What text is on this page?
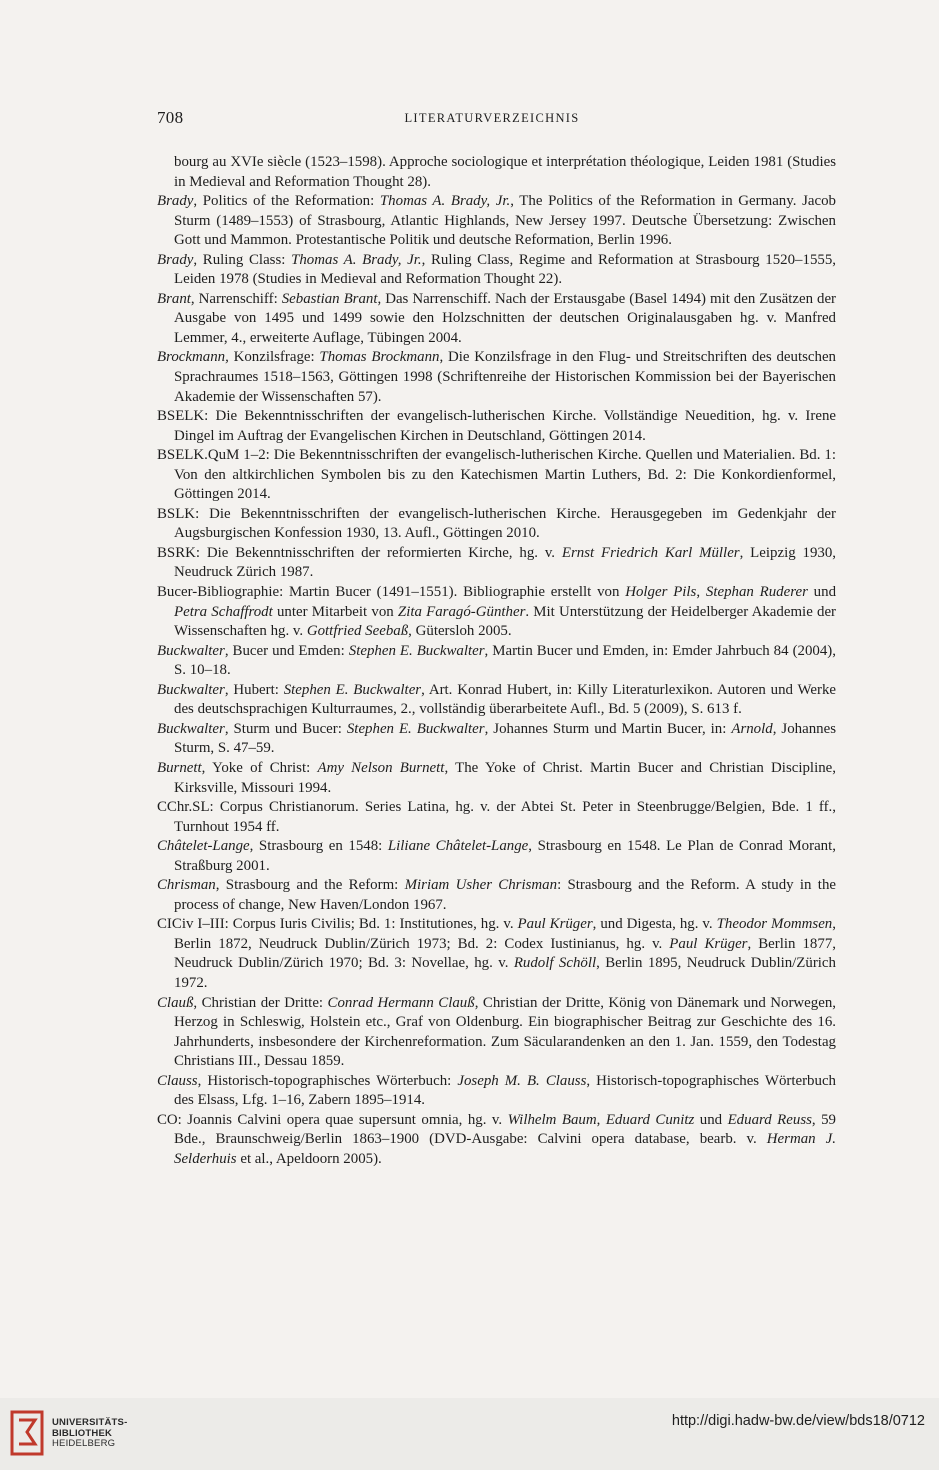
708	LITERATURVERZEICHNIS

bourg au XVIe siècle (1523–1598). Approche sociologique et interprétation théologique, Leiden 1981 (Studies in Medieval and Reformation Thought 28).

Brady, Politics of the Reformation: Thomas A. Brady, Jr., The Politics of the Reformation in Germany. Jacob Sturm (1489–1553) of Strasbourg, Atlantic Highlands, New Jersey 1997. Deutsche Übersetzung: Zwischen Gott und Mammon. Protestantische Politik und deutsche Reformation, Berlin 1996.

Brady, Ruling Class: Thomas A. Brady, Jr., Ruling Class, Regime and Reformation at Strasbourg 1520–1555, Leiden 1978 (Studies in Medieval and Reformation Thought 22).

Brant, Narrenschiff: Sebastian Brant, Das Narrenschiff. Nach der Erstausgabe (Basel 1494) mit den Zusätzen der Ausgabe von 1495 und 1499 sowie den Holzschnitten der deutschen Originalausgaben hg. v. Manfred Lemmer, 4., erweiterte Auflage, Tübingen 2004.

Brockmann, Konzilsfrage: Thomas Brockmann, Die Konzilsfrage in den Flug- und Streitschriften des deutschen Sprachraumes 1518–1563, Göttingen 1998 (Schriftenreihe der Historischen Kommission bei der Bayerischen Akademie der Wissenschaften 57).

BSELK: Die Bekenntnisschriften der evangelisch-lutherischen Kirche. Vollständige Neuedition, hg. v. Irene Dingel im Auftrag der Evangelischen Kirchen in Deutschland, Göttingen 2014.

BSELK.QuM 1–2: Die Bekenntnisschriften der evangelisch-lutherischen Kirche. Quellen und Materialien. Bd. 1: Von den altkirchlichen Symbolen bis zu den Katechismen Martin Luthers, Bd. 2: Die Konkordienformel, Göttingen 2014.

BSLK: Die Bekenntnisschriften der evangelisch-lutherischen Kirche. Herausgegeben im Gedenkjahr der Augsburgischen Konfession 1930, 13. Aufl., Göttingen 2010.

BSRK: Die Bekenntnisschriften der reformierten Kirche, hg. v. Ernst Friedrich Karl Müller, Leipzig 1930, Neudruck Zürich 1987.

Bucer-Bibliographie: Martin Bucer (1491–1551). Bibliographie erstellt von Holger Pils, Stephan Ruderer und Petra Schaffrodt unter Mitarbeit von Zita Faragó-Günther. Mit Unterstützung der Heidelberger Akademie der Wissenschaften hg. v. Gottfried Seebaß, Gütersloh 2005.

Buckwalter, Bucer und Emden: Stephen E. Buckwalter, Martin Bucer und Emden, in: Emder Jahrbuch 84 (2004), S. 10–18.

Buckwalter, Hubert: Stephen E. Buckwalter, Art. Konrad Hubert, in: Killy Literaturlexikon. Autoren und Werke des deutschsprachigen Kulturraumes, 2., vollständig überarbeitete Aufl., Bd. 5 (2009), S. 613 f.

Buckwalter, Sturm und Bucer: Stephen E. Buckwalter, Johannes Sturm und Martin Bucer, in: Arnold, Johannes Sturm, S. 47–59.

Burnett, Yoke of Christ: Amy Nelson Burnett, The Yoke of Christ. Martin Bucer and Christian Discipline, Kirksville, Missouri 1994.

CChr.SL: Corpus Christianorum. Series Latina, hg. v. der Abtei St. Peter in Steenbrugge/Belgien, Bde. 1 ff., Turnhout 1954 ff.

Châtelet-Lange, Strasbourg en 1548: Liliane Châtelet-Lange, Strasbourg en 1548. Le Plan de Conrad Morant, Straßburg 2001.

Chrisman, Strasbourg and the Reform: Miriam Usher Chrisman: Strasbourg and the Reform. A study in the process of change, New Haven/London 1967.

CICiv I–III: Corpus Iuris Civilis; Bd. 1: Institutiones, hg. v. Paul Krüger, und Digesta, hg. v. Theodor Mommsen, Berlin 1872, Neudruck Dublin/Zürich 1973; Bd. 2: Codex Iustinianus, hg. v. Paul Krüger, Berlin 1877, Neudruck Dublin/Zürich 1970; Bd. 3: Novellae, hg. v. Rudolf Schöll, Berlin 1895, Neudruck Dublin/Zürich 1972.

Clauß, Christian der Dritte: Conrad Hermann Clauß, Christian der Dritte, König von Dänemark und Norwegen, Herzog in Schleswig, Holstein etc., Graf von Oldenburg. Ein biographischer Beitrag zur Geschichte des 16. Jahrhunderts, insbesondere der Kirchenreformation. Zum Säcularandenken an den 1. Jan. 1559, den Todestag Christians III., Dessau 1859.

Clauss, Historisch-topographisches Wörterbuch: Joseph M. B. Clauss, Historisch-topographisches Wörterbuch des Elsass, Lfg. 1–16, Zabern 1895–1914.

CO: Joannis Calvini opera quae supersunt omnia, hg. v. Wilhelm Baum, Eduard Cunitz und Eduard Reuss, 59 Bde., Braunschweig/Berlin 1863–1900 (DVD-Ausgabe: Calvini opera database, bearb. v. Herman J. Selderhuis et al., Apeldoorn 2005).

UNIVERSITÄTS-
BIBLIOTHEK
HEIDELBERG
http://digi.hadw-bw.de/view/bds18/0712
